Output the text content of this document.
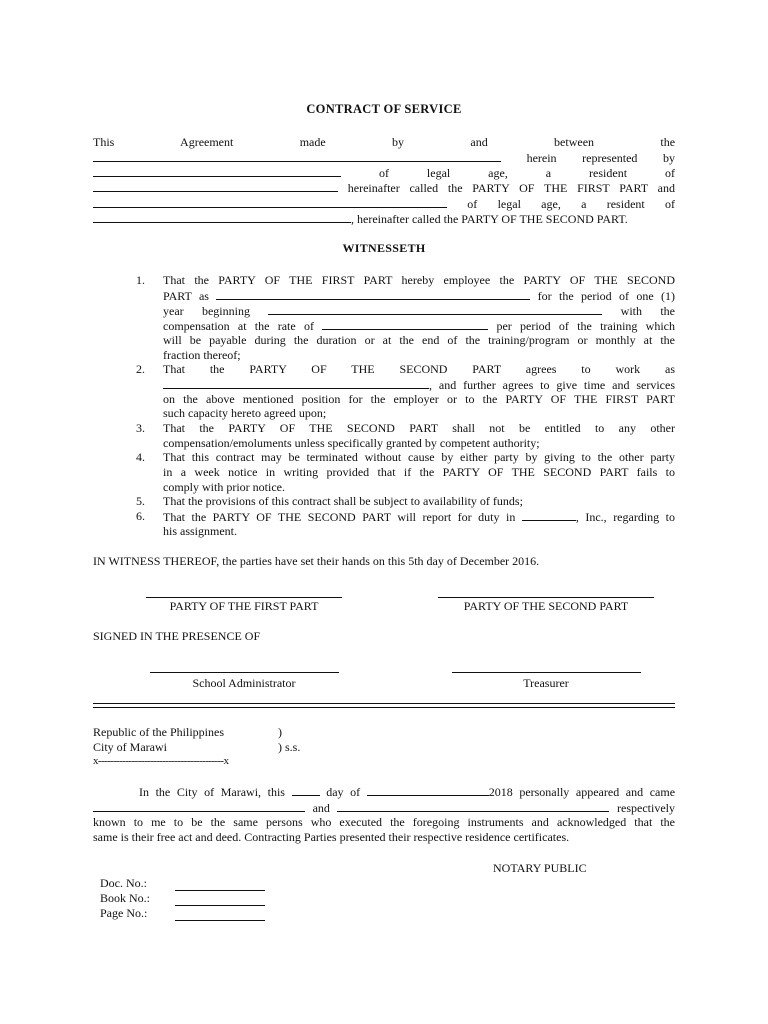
CONTRACT OF SERVICE
This	Agreement	made	by	and	between	the
herein represented by
of legal age, a resident of
hereinafter called the PARTY OF THE FIRST PART and
of legal age, a resident of
, hereinafter called the PARTY OF THE SECOND PART.
WITNESSETH
1.	That the PARTY OF THE FIRST PART hereby employee the PARTY OF THE SECOND
PART as	for the period of one (1)
year beginning	with the
compensation at the rate of	per period of the training which
will be payable during the duration or at the end of the training/program or monthly at the
fraction thereof;
2.	That the PARTY OF THE SECOND PART agrees to work as
, and further agrees to give time and services
on the above mentioned position for the employer or to the PARTY OF THE FIRST PART
such capacity hereto agreed upon;
3.	That the PARTY OF THE SECOND PART shall not be entitled to any other
compensation/emoluments unless specifically granted by competent authority;
4.	That this contract may be terminated without cause by either party by giving to the other party
in a week notice in writing provided that if the PARTY OF THE SECOND PART fails to
comply with prior notice.
5.	That the provisions of this contract shall be subject to availability of funds;
6.	That the PARTY OF THE SECOND PART will report for duty in	, Inc., regarding to
his assignment.
IN WITNESS THEREOF, the parties have set their hands on this 5th day of December 2016.
PARTY OF THE FIRST PART	PARTY OF THE SECOND PART
SIGNED IN THE PRESENCE OF
School Administrator	Treasurer
Republic of the Philippines	)
City of Marawi	) s.s.
x-----------------------------------------x
In the City of Marawi, this	day of	2018 personally appeared and came
and	respectively
known to me to be the same persons who executed the foregoing instruments and acknowledged that the
same is their free act and deed. Contracting Parties presented their respective residence certificates.
NOTARY PUBLIC
Doc. No.:
Book No.:
Page No.:
